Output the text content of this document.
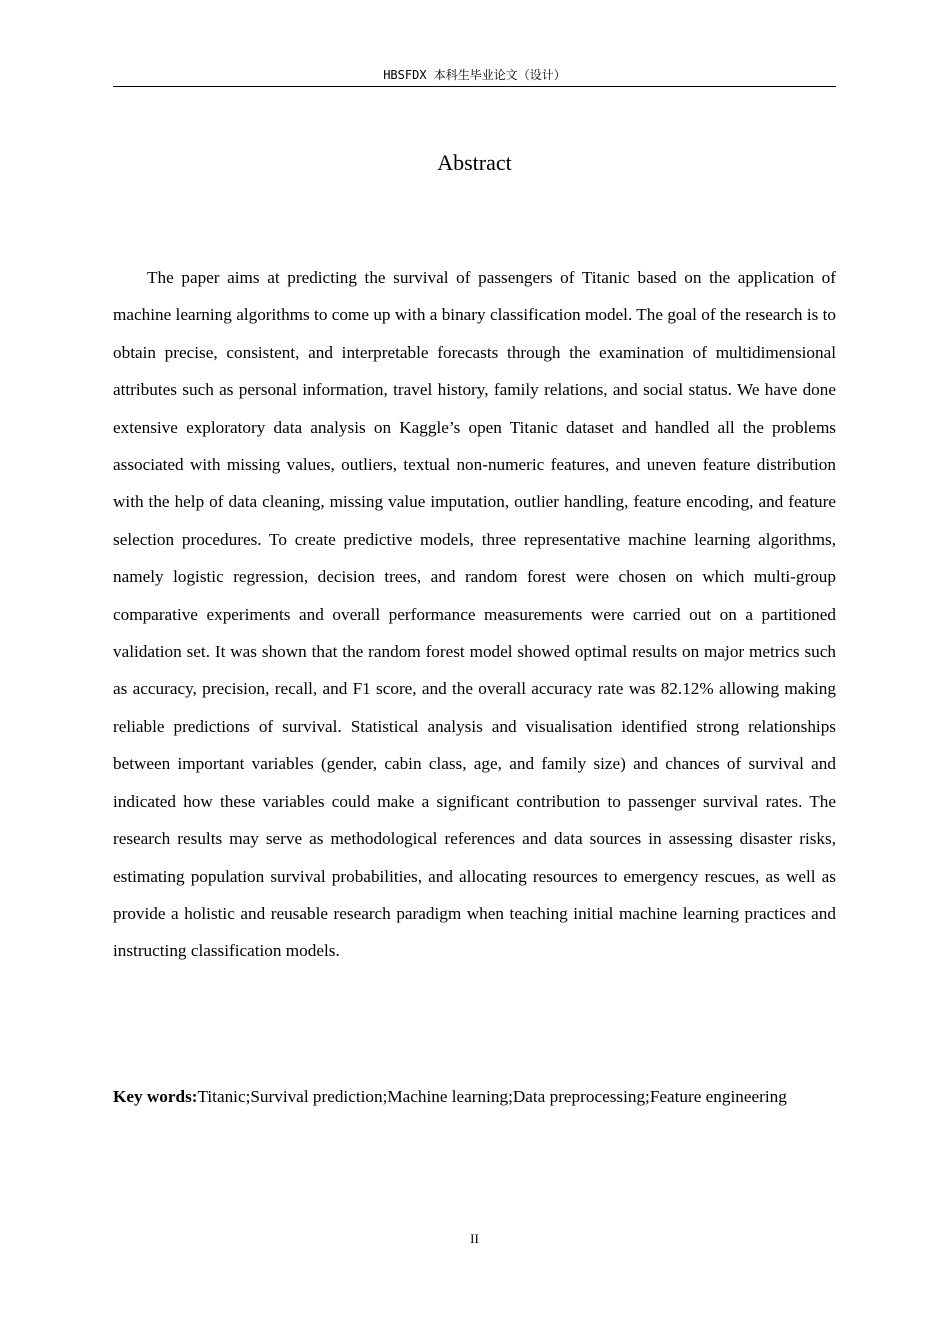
HBSFDX 本科生毕业论文（设计）
Abstract

The paper aims at predicting the survival of passengers of Titanic based on the application of machine learning algorithms to come up with a binary classification model. The goal of the research is to obtain precise, consistent, and interpretable forecasts through the examination of multidimensional attributes such as personal information, travel history, family relations, and social status. We have done extensive exploratory data analysis on Kaggle’s open Titanic dataset and handled all the problems associated with missing values, outliers, textual non-numeric features, and uneven feature distribution with the help of data cleaning, missing value imputation, outlier handling, feature encoding, and feature selection procedures. To create predictive models, three representative machine learning algorithms, namely logistic regression, decision trees, and random forest were chosen on which multi-group comparative experiments and overall performance measurements were carried out on a partitioned validation set. It was shown that the random forest model showed optimal results on major metrics such as accuracy, precision, recall, and F1 score, and the overall accuracy rate was 82.12% allowing making reliable predictions of survival. Statistical analysis and visualisation identified strong relationships between important variables (gender, cabin class, age, and family size) and chances of survival and indicated how these variables could make a significant contribution to passenger survival rates. The research results may serve as methodological references and data sources in assessing disaster risks, estimating population survival probabilities, and allocating resources to emergency rescues, as well as provide a holistic and reusable research paradigm when teaching initial machine learning practices and instructing classification models.

Key words:Titanic;Survival prediction;Machine learning;Data preprocessing;Feature engineering

II
